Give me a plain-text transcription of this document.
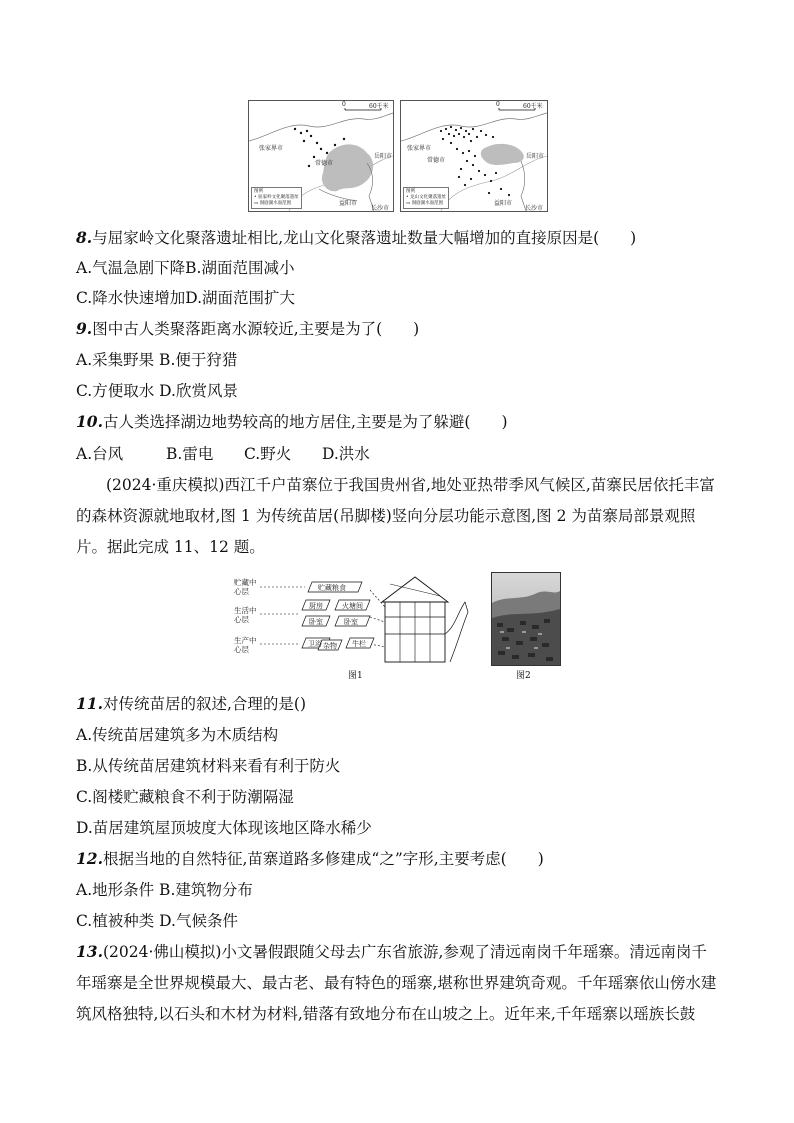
0	60千米
张家界市
常德市
岳阳市
益阳市
长沙市
图例
• 屈家岭文化聚落遗址
▭ 洞庭湖水面范围
0	60千米
张家界市
常德市
岳阳市
益阳市
长沙市
图例
• 龙山文化聚落遗址
▭ 洞庭湖水面范围
8.与屈家岭文化聚落遗址相比,龙山文化聚落遗址数量大幅增加的直接原因是(　　)
A.气温急剧下降B.湖面范围减小
C.降水快速增加D.湖面范围扩大
9.图中古人类聚落距离水源较近,主要是为了(　　)
A.采集野果 B.便于狩猎
C.方便取水 D.欣赏风景
10.古人类选择湖边地势较高的地方居住,主要是为了躲避(　　)
A.台风	B.雷电 C.野火 D.洪水
(2024·重庆模拟)西江千户苗寨位于我国贵州省,地处亚热带季风气候区,苗寨民居依托丰富的森林资源就地取材,图 1 为传统苗居(吊脚楼)竖向分层功能示意图,图 2 为苗寨局部景观照片。据此完成 11、12 题。
贮藏中心层
生活中心层
生产中心层
贮藏粮食
厨房	火塘间
卧室	卧室
卫浴 杂物 牛栏
图1	图2
11.对传统苗居的叙述,合理的是()
A.传统苗居建筑多为木质结构
B.从传统苗居建筑材料来看有利于防火
C.阁楼贮藏粮食不利于防潮隔湿
D.苗居建筑屋顶坡度大体现该地区降水稀少
12.根据当地的自然特征,苗寨道路多修建成“之”字形,主要考虑(　　)
A.地形条件 B.建筑物分布
C.植被种类 D.气候条件
13.(2024·佛山模拟)小文暑假跟随父母去广东省旅游,参观了清远南岗千年瑶寨。清远南岗千年瑶寨是全世界规模最大、最古老、最有特色的瑶寨,堪称世界建筑奇观。千年瑶寨依山傍水建筑风格独特,以石头和木材为材料,错落有致地分布在山坡之上。近年来,千年瑶寨以瑶族长鼓
